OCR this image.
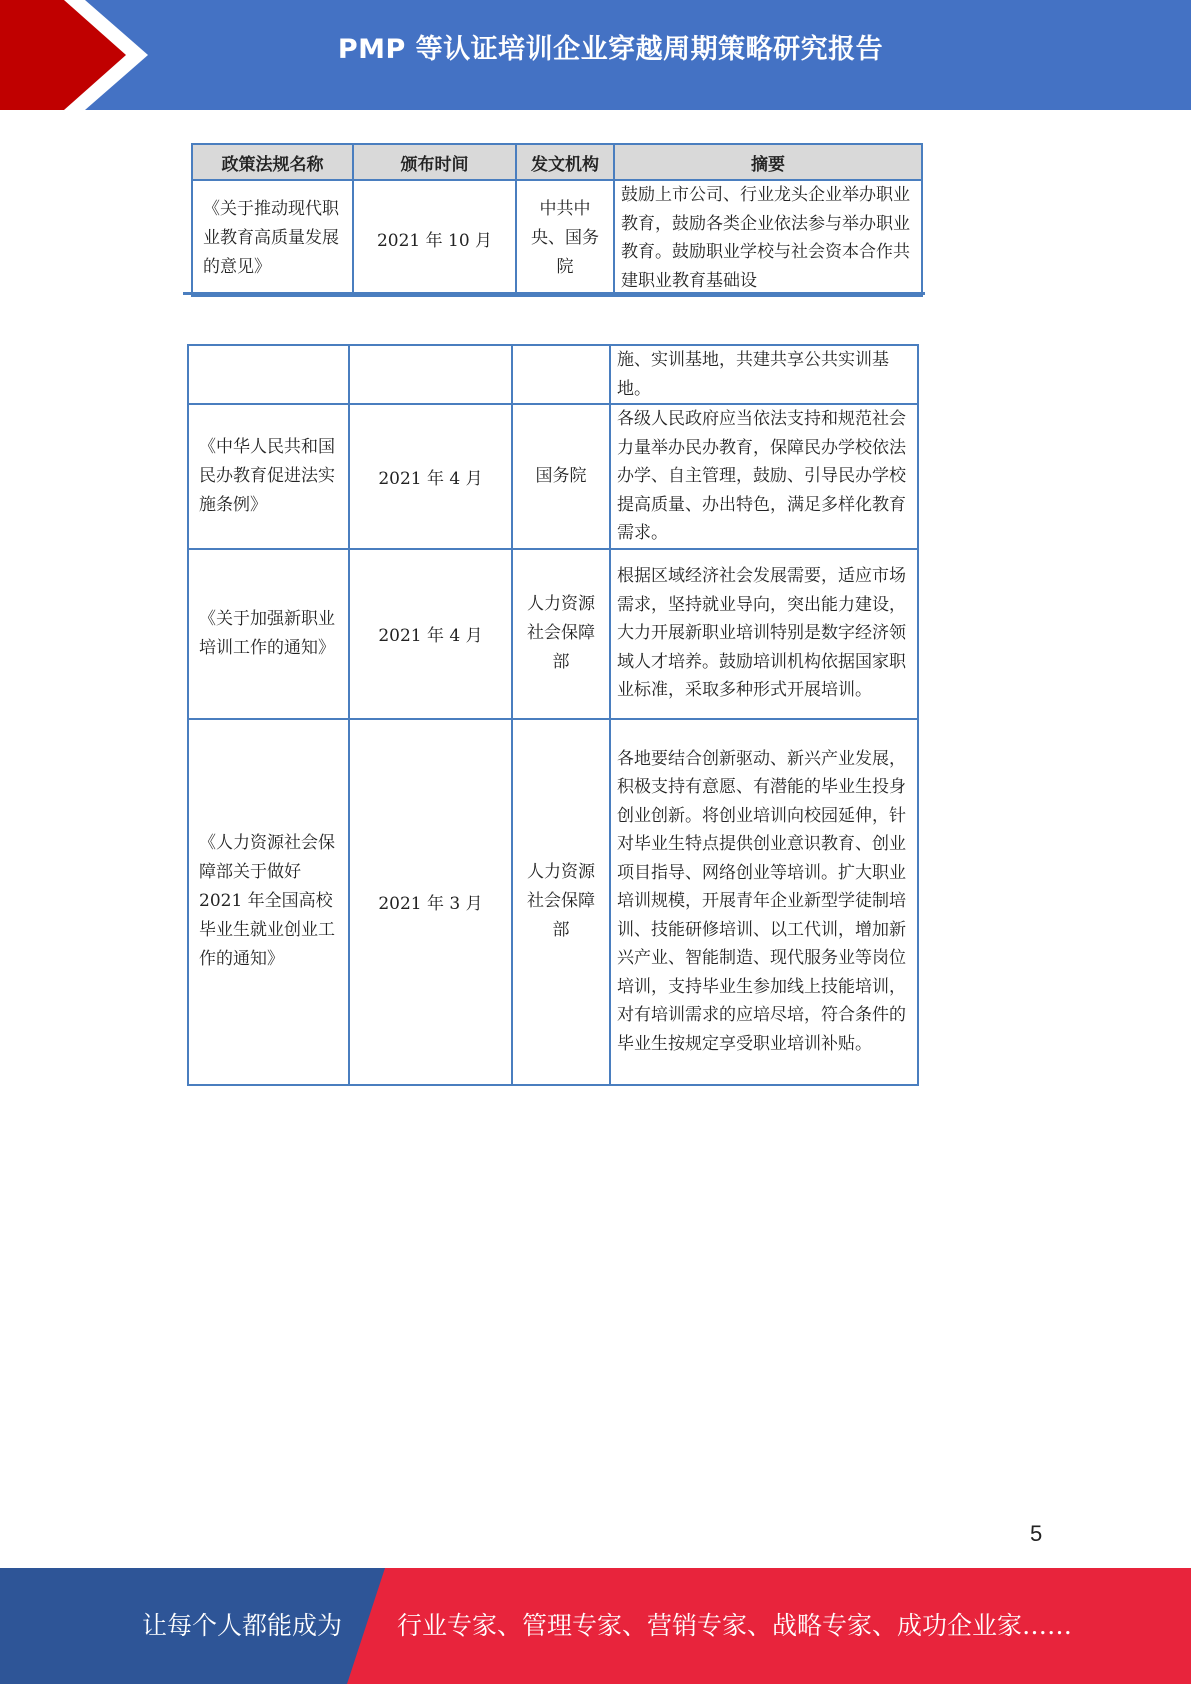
PMP 等认证培训企业穿越周期策略研究报告
政策法规名称	颁布时间	发文机构	摘要
《关于推动现代职业教育高质量发展的意见》	2021 年 10 月	中共中央、国务院	鼓励上市公司、行业龙头企业举办职业教育，鼓励各类企业依法参与举办职业教育。鼓励职业学校与社会资本合作共建职业教育基础设
			施、实训基地，共建共享公共实训基地。
《中华人民共和国民办教育促进法实施条例》	2021 年 4 月	国务院	各级人民政府应当依法支持和规范社会力量举办民办教育，保障民办学校依法办学、自主管理，鼓励、引导民办学校提高质量、办出特色，满足多样化教育需求。
《关于加强新职业培训工作的通知》	2021 年 4 月	人力资源社会保障部	根据区域经济社会发展需要，适应市场需求，坚持就业导向，突出能力建设，大力开展新职业培训特别是数字经济领域人才培养。鼓励培训机构依据国家职业标准，采取多种形式开展培训。
《人力资源社会保障部关于做好 2021 年全国高校毕业生就业创业工作的通知》	2021 年 3 月	人力资源社会保障部	各地要结合创新驱动、新兴产业发展，积极支持有意愿、有潜能的毕业生投身创业创新。将创业培训向校园延伸，针对毕业生特点提供创业意识教育、创业项目指导、网络创业等培训。扩大职业培训规模，开展青年企业新型学徒制培训、技能研修培训、以工代训，增加新兴产业、智能制造、现代服务业等岗位培训，支持毕业生参加线上技能培训，对有培训需求的应培尽培，符合条件的毕业生按规定享受职业培训补贴。
5
让每个人都能成为 行业专家、管理专家、营销专家、战略专家、成功企业家……
